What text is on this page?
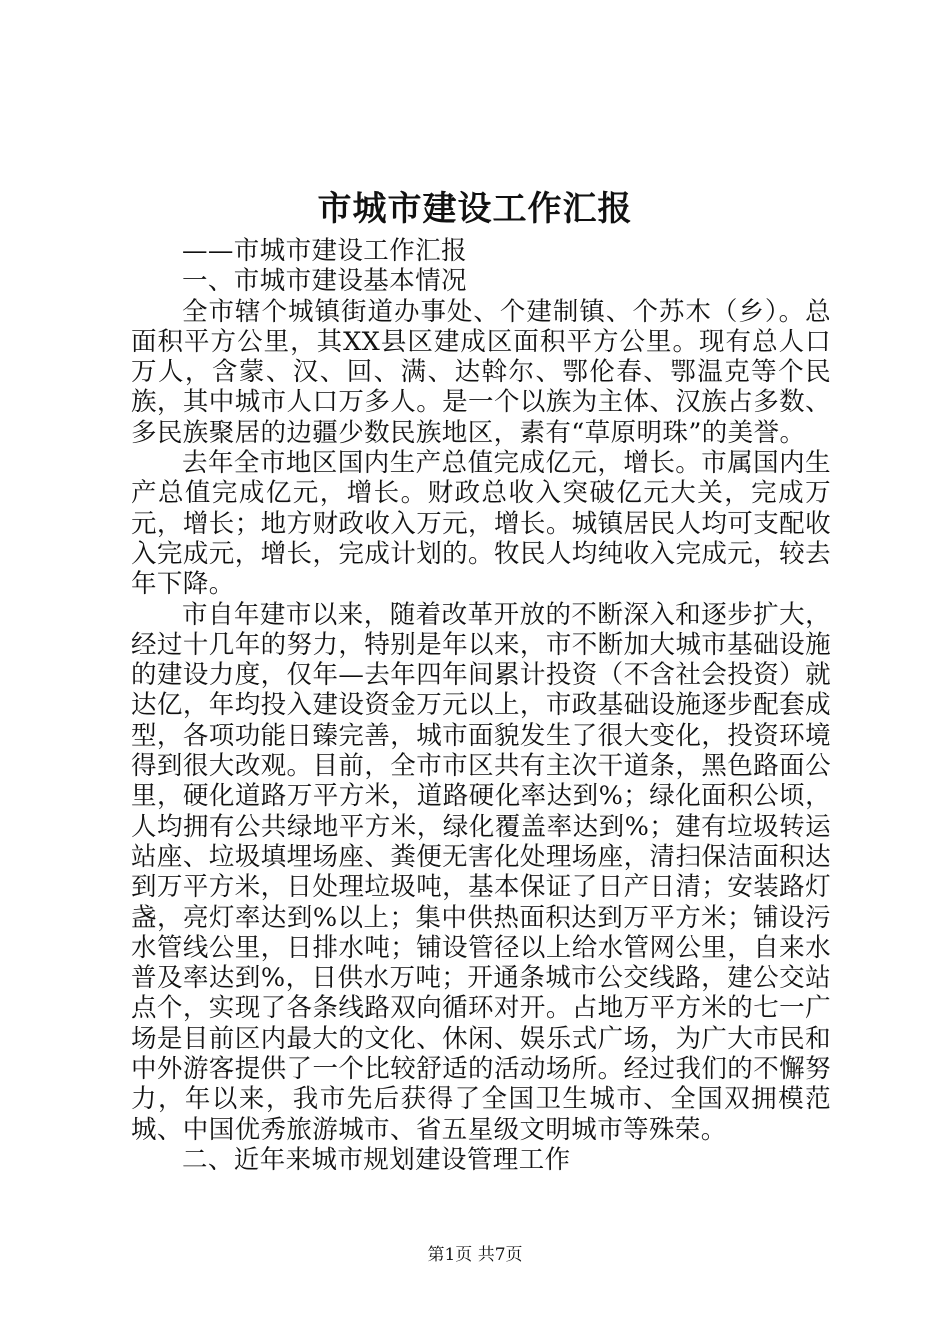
市城市建设工作汇报

——市城市建设工作汇报

一、市城市建设基本情况

全市辖个城镇街道办事处、个建制镇、个苏木（乡）。总面积平方公里，其XX县区建成区面积平方公里。现有总人口万人，含蒙、汉、回、满、达斡尔、鄂伦春、鄂温克等个民族，其中城市人口万多人。是一个以族为主体、汉族占多数、多民族聚居的边疆少数民族地区，素有“草原明珠”的美誉。

去年全市地区国内生产总值完成亿元，增长。市属国内生产总值完成亿元，增长。财政总收入突破亿元大关，完成万元，增长；地方财政收入万元，增长。城镇居民人均可支配收入完成元，增长，完成计划的。牧民人均纯收入完成元，较去年下降。

市自年建市以来，随着改革开放的不断深入和逐步扩大，经过十几年的努力，特别是年以来，市不断加大城市基础设施的建设力度，仅年—去年四年间累计投资（不含社会投资）就达亿，年均投入建设资金万元以上，市政基础设施逐步配套成型，各项功能日臻完善，城市面貌发生了很大变化，投资环境得到很大改观。目前，全市市区共有主次干道条，黑色路面公里，硬化道路万平方米，道路硬化率达到%；绿化面积公顷，人均拥有公共绿地平方米，绿化覆盖率达到%；建有垃圾转运站座、垃圾填埋场座、粪便无害化处理场座，清扫保洁面积达到万平方米，日处理垃圾吨，基本保证了日产日清；安装路灯盏，亮灯率达到%以上；集中供热面积达到万平方米；铺设污水管线公里，日排水吨；铺设管径以上给水管网公里，自来水普及率达到%，日供水万吨；开通条城市公交线路，建公交站点个，实现了各条线路双向循环对开。占地万平方米的七一广场是目前区内最大的文化、休闲、娱乐式广场，为广大市民和中外游客提供了一个比较舒适的活动场所。经过我们的不懈努力，年以来，我市先后获得了全国卫生城市、全国双拥模范城、中国优秀旅游城市、省五星级文明城市等殊荣。

二、近年来城市规划建设管理工作

第1页 共7页
